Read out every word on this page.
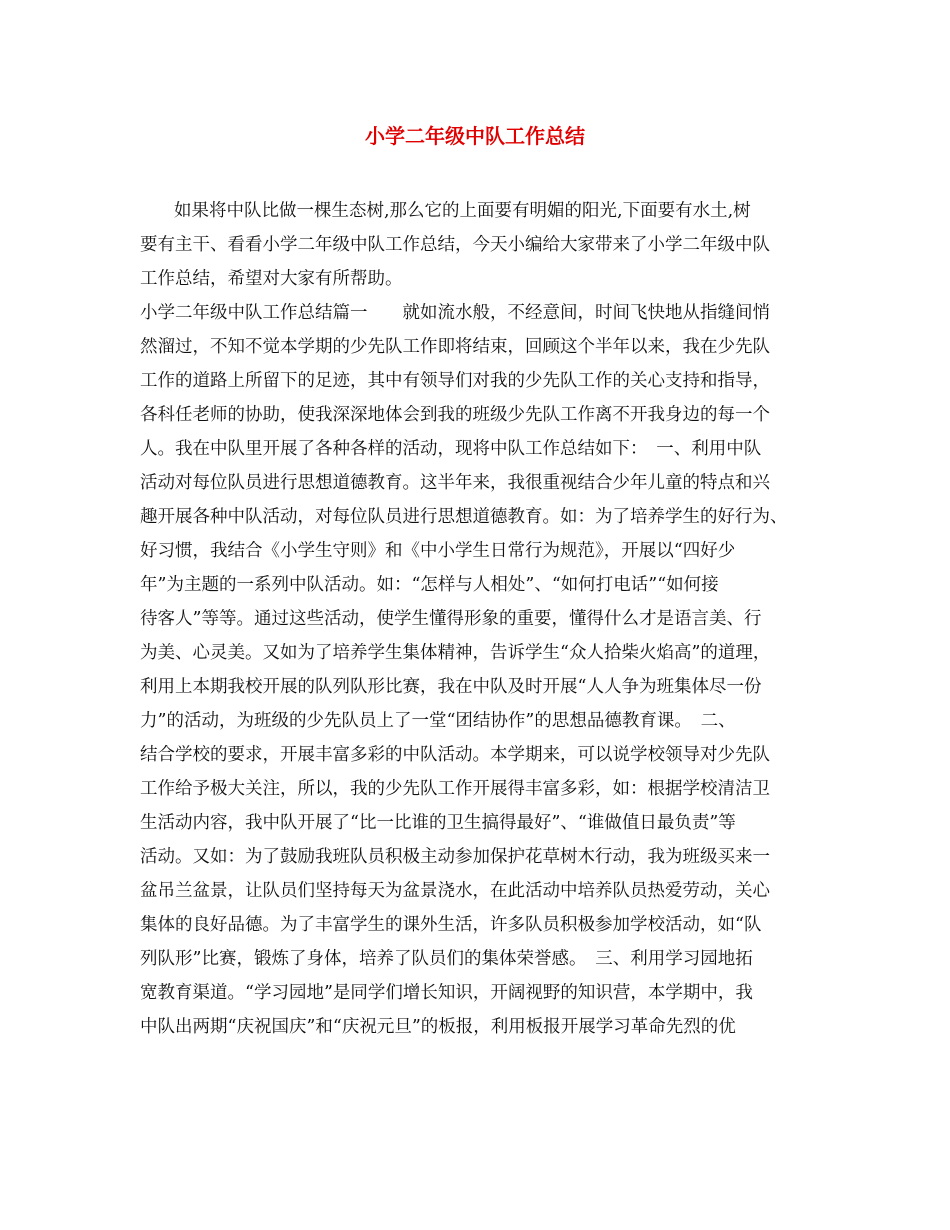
小学二年级中队工作总结
如果将中队比做一棵生态树,那么它的上面要有明媚的阳光,下面要有水土,树
要有主干、看看小学二年级中队工作总结，今天小编给大家带来了小学二年级中队
工作总结，希望对大家有所帮助。
小学二年级中队工作总结篇一　　就如流水般，不经意间，时间飞快地从指缝间悄
然溜过，不知不觉本学期的少先队工作即将结束，回顾这个半年以来，我在少先队
工作的道路上所留下的足迹，其中有领导们对我的少先队工作的关心支持和指导，
各科任老师的协助，使我深深地体会到我的班级少先队工作离不开我身边的每一个
人。我在中队里开展了各种各样的活动，现将中队工作总结如下：　一、利用中队
活动对每位队员进行思想道德教育。这半年来，我很重视结合少年儿童的特点和兴
趣开展各种中队活动，对每位队员进行思想道德教育。如：为了培养学生的好行为、
好习惯，我结合《小学生守则》和《中小学生日常行为规范》，开展以“四好少
年”为主题的一系列中队活动。如：“怎样与人相处”、“如何打电话”“如何接
待客人”等等。通过这些活动，使学生懂得形象的重要，懂得什么才是语言美、行
为美、心灵美。又如为了培养学生集体精神，告诉学生“众人拾柴火焰高”的道理，
利用上本期我校开展的队列队形比赛，我在中队及时开展“人人争为班集体尽一份
力”的活动，为班级的少先队员上了一堂“团结协作”的思想品德教育课。　二、
结合学校的要求，开展丰富多彩的中队活动。本学期来，可以说学校领导对少先队
工作给予极大关注，所以，我的少先队工作开展得丰富多彩，如：根据学校清洁卫
生活动内容，我中队开展了“比一比谁的卫生搞得最好”、“谁做值日最负责”等
活动。又如：为了鼓励我班队员积极主动参加保护花草树木行动，我为班级买来一
盆吊兰盆景，让队员们坚持每天为盆景浇水，在此活动中培养队员热爱劳动，关心
集体的良好品德。为了丰富学生的课外生活，许多队员积极参加学校活动，如“队
列队形”比赛，锻炼了身体，培养了队员们的集体荣誉感。　三、利用学习园地拓
宽教育渠道。“学习园地”是同学们增长知识，开阔视野的知识营，本学期中，我
中队出两期“庆祝国庆”和“庆祝元旦”的板报，利用板报开展学习革命先烈的优
